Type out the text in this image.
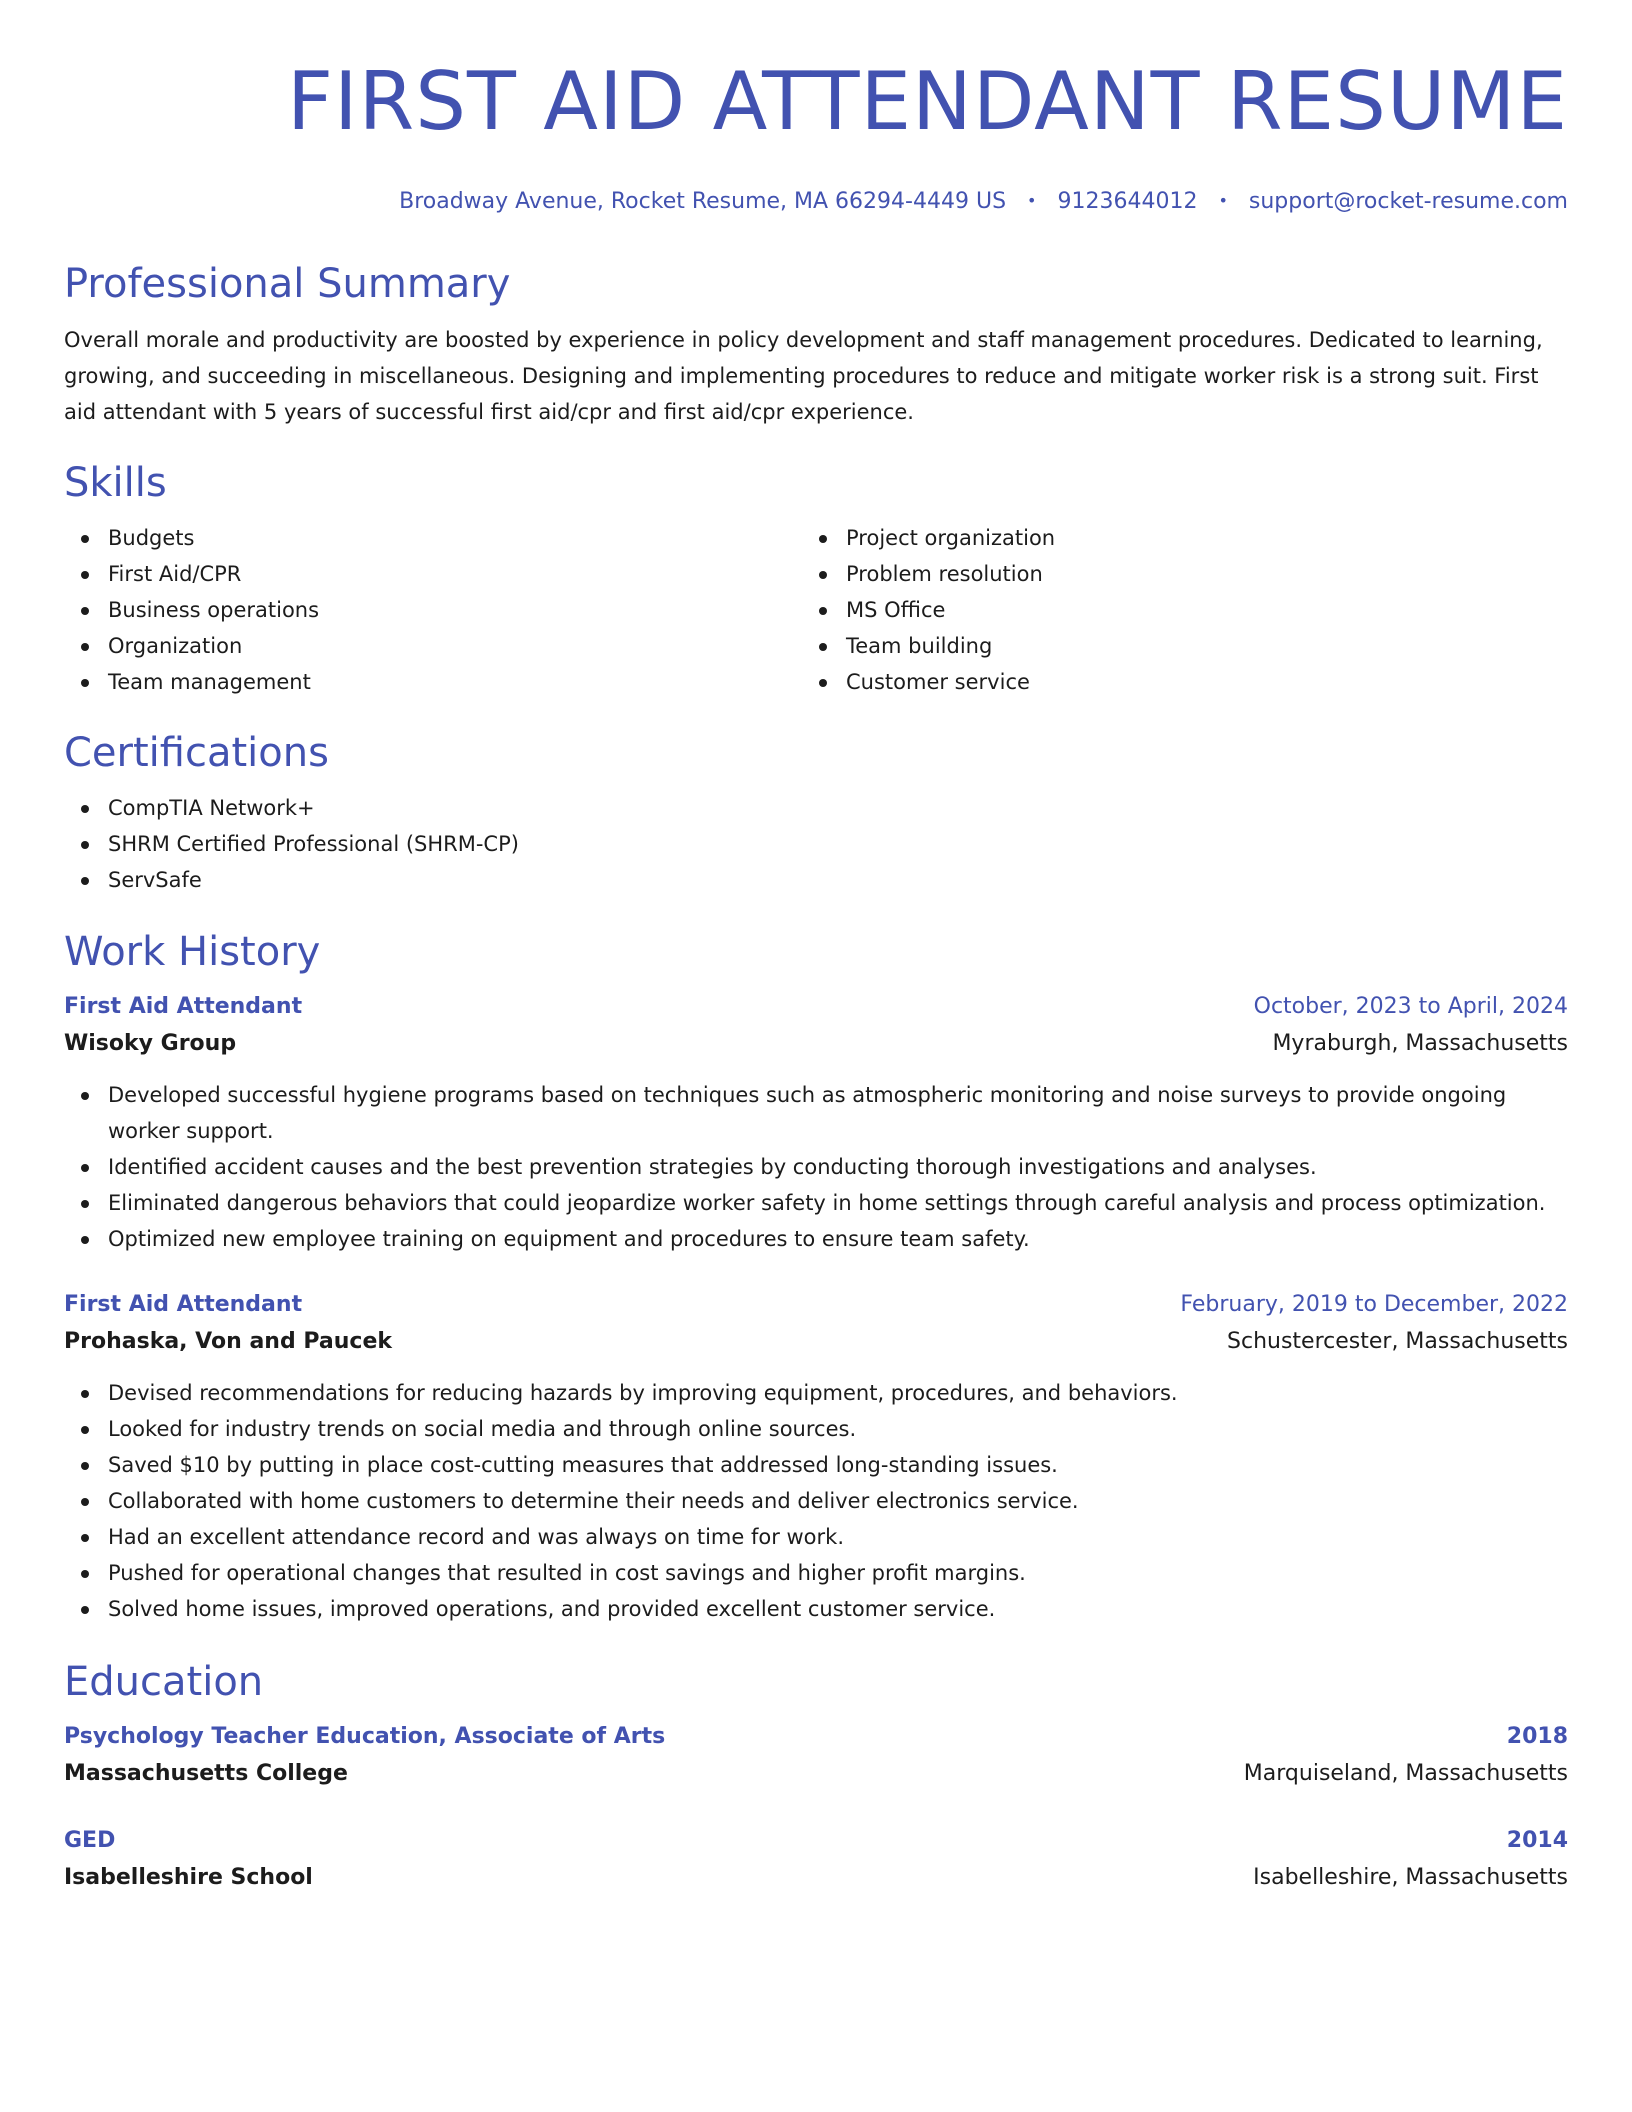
FIRST AID ATTENDANT RESUME
Broadway Avenue, Rocket Resume, MA 66294-4449 US • 9123644012 • support@rocket-resume.com
Professional Summary

Overall morale and productivity are boosted by experience in policy development and staff management procedures. Dedicated to learning, growing, and succeeding in miscellaneous. Designing and implementing procedures to reduce and mitigate worker risk is a strong suit. First aid attendant with 5 years of successful first aid/cpr and first aid/cpr experience.

Skills
Budgets
First Aid/CPR
Business operations
Organization
Team management
Project organization
Problem resolution
MS Office
Team building
Customer service
Certifications
CompTIA Network+
SHRM Certified Professional (SHRM-CP)
ServSafe
Work History
First Aid Attendant	October, 2023 to April, 2024
Wisoky Group	Myraburgh, Massachusetts
Developed successful hygiene programs based on techniques such as atmospheric monitoring and noise surveys to provide ongoing worker support.
Identified accident causes and the best prevention strategies by conducting thorough investigations and analyses.
Eliminated dangerous behaviors that could jeopardize worker safety in home settings through careful analysis and process optimization.
Optimized new employee training on equipment and procedures to ensure team safety.
First Aid Attendant	February, 2019 to December, 2022
Prohaska, Von and Paucek	Schustercester, Massachusetts
Devised recommendations for reducing hazards by improving equipment, procedures, and behaviors.
Looked for industry trends on social media and through online sources.
Saved $10 by putting in place cost-cutting measures that addressed long-standing issues.
Collaborated with home customers to determine their needs and deliver electronics service.
Had an excellent attendance record and was always on time for work.
Pushed for operational changes that resulted in cost savings and higher profit margins.
Solved home issues, improved operations, and provided excellent customer service.
Education
Psychology Teacher Education, Associate of Arts	2018
Massachusetts College	Marquiseland, Massachusetts
GED	2014
Isabelleshire School	Isabelleshire, Massachusetts
